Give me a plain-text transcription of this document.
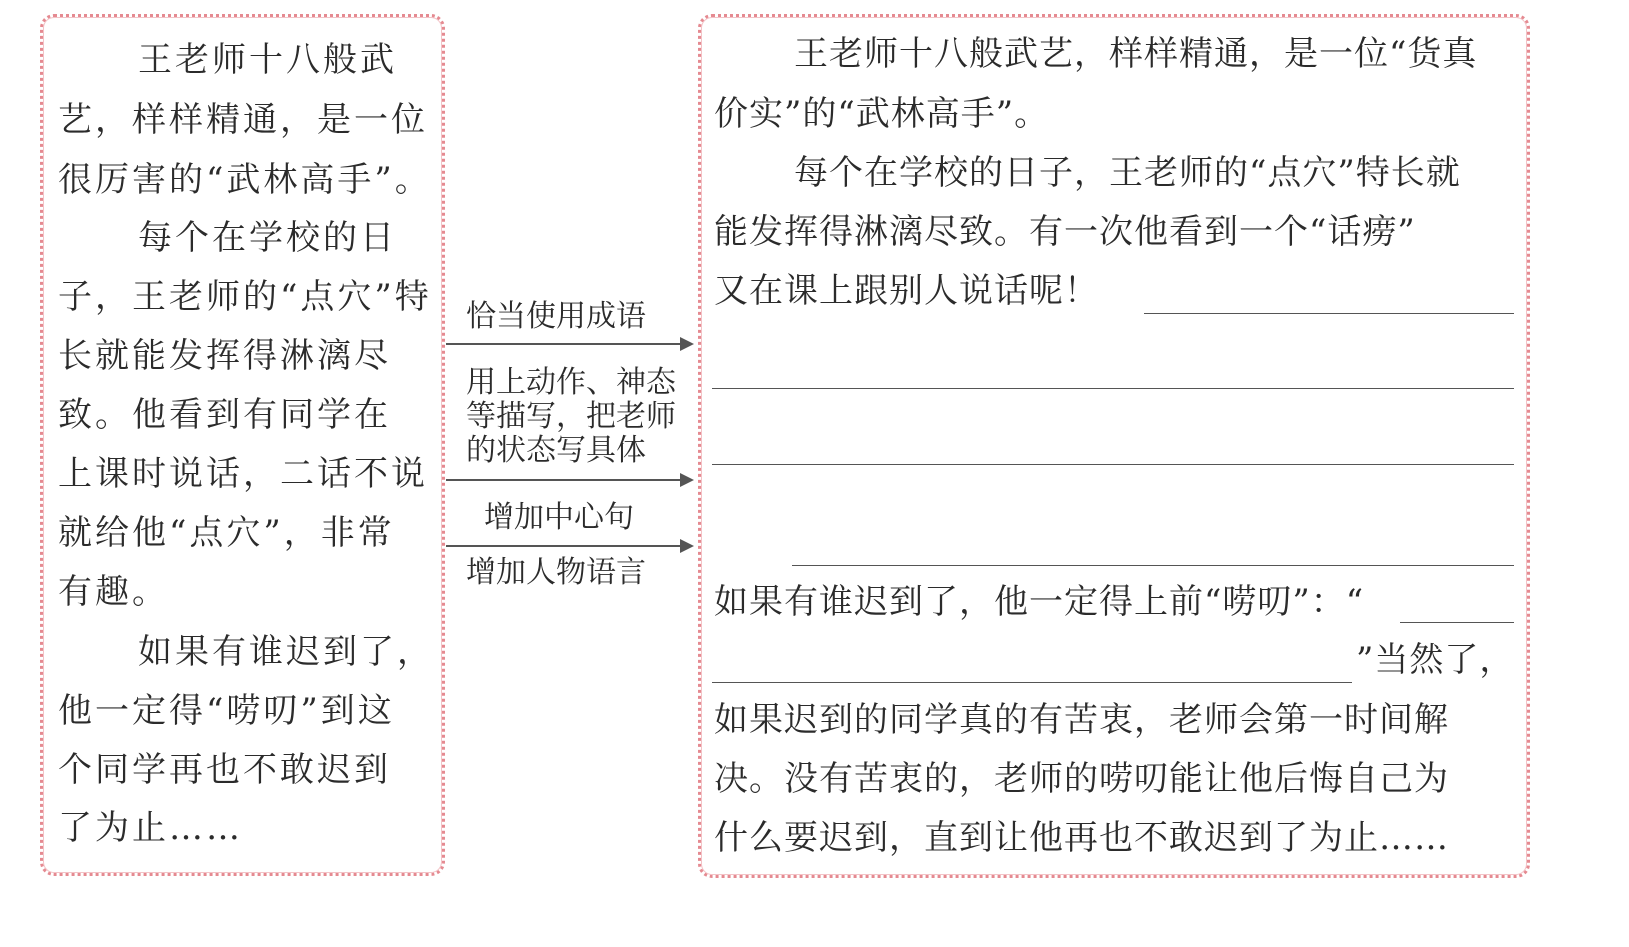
王老师十八般武
艺，样样精通，是一位
很厉害的“武林高手”。
每个在学校的日
子，王老师的“点穴”特
长就能发挥得淋漓尽
致。他看到有同学在
上课时说话，二话不说
就给他“点穴”，非常
有趣。
如果有谁迟到了，
他一定得“唠叨”到这
个同学再也不敢迟到
了为止……
恰当使用成语
用上动作、神态
等描写，把老师
的状态写具体
增加中心句
增加人物语言
王老师十八般武艺，样样精通，是一位“货真
价实”的“武林高手”。
每个在学校的日子，王老师的“点穴”特长就
能发挥得淋漓尽致。有一次他看到一个“话痨”
又在课上跟别人说话呢！
如果有谁迟到了，他一定得上前“唠叨”：“
”当然了，
如果迟到的同学真的有苦衷，老师会第一时间解
决。没有苦衷的，老师的唠叨能让他后悔自己为
什么要迟到，直到让他再也不敢迟到了为止……
